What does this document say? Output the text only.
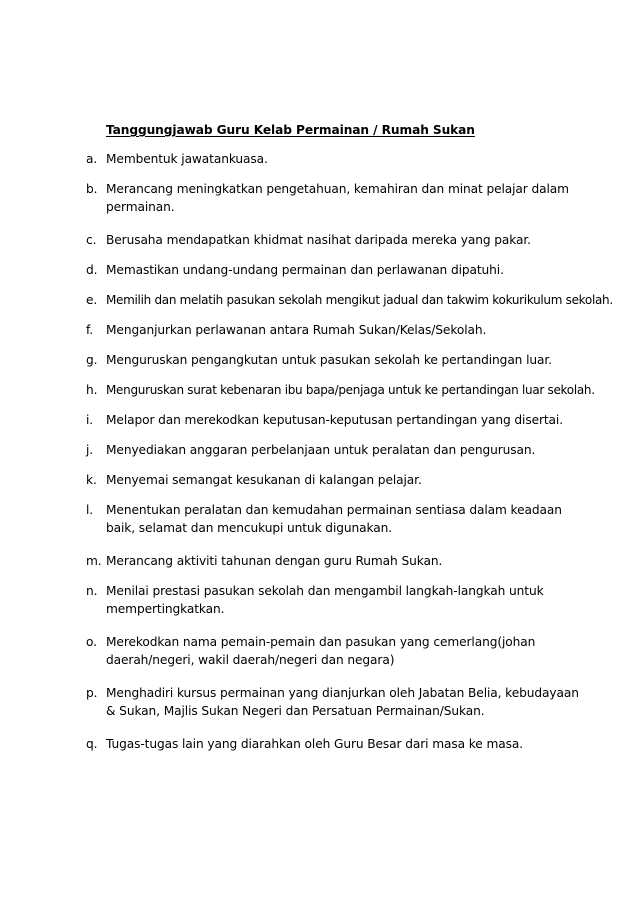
Tanggungjawab Guru Kelab Permainan / Rumah Sukan
a. Membentuk jawatankuasa.
b. Merancang meningkatkan pengetahuan, kemahiran dan minat pelajar dalam permainan.
c. Berusaha mendapatkan khidmat nasihat daripada mereka yang pakar.
d. Memastikan undang-undang permainan dan perlawanan dipatuhi.
e. Memilih dan melatih pasukan sekolah mengikut jadual dan takwim kokurikulum sekolah.
f.	Menganjurkan perlawanan antara Rumah Sukan/Kelas/Sekolah.
g. Menguruskan pengangkutan untuk pasukan sekolah ke pertandingan luar.
h. Menguruskan surat kebenaran ibu bapa/penjaga untuk ke pertandingan luar sekolah.
i.	Melapor dan merekodkan keputusan-keputusan pertandingan yang disertai.
j.	Menyediakan anggaran perbelanjaan untuk peralatan dan pengurusan.
k. Menyemai semangat kesukanan di kalangan pelajar.
l.	Menentukan peralatan dan kemudahan permainan sentiasa dalam keadaan baik, selamat dan mencukupi untuk digunakan.
m. Merancang aktiviti tahunan dengan guru Rumah Sukan.
n. Menilai prestasi pasukan sekolah dan mengambil langkah-langkah untuk mempertingkatkan.
o. Merekodkan nama pemain-pemain dan pasukan yang cemerlang(johan daerah/negeri, wakil daerah/negeri dan negara)
p. Menghadiri kursus permainan yang dianjurkan oleh Jabatan Belia, kebudayaan & Sukan, Majlis Sukan Negeri dan Persatuan Permainan/Sukan.
q. Tugas-tugas lain yang diarahkan oleh Guru Besar dari masa ke masa.
